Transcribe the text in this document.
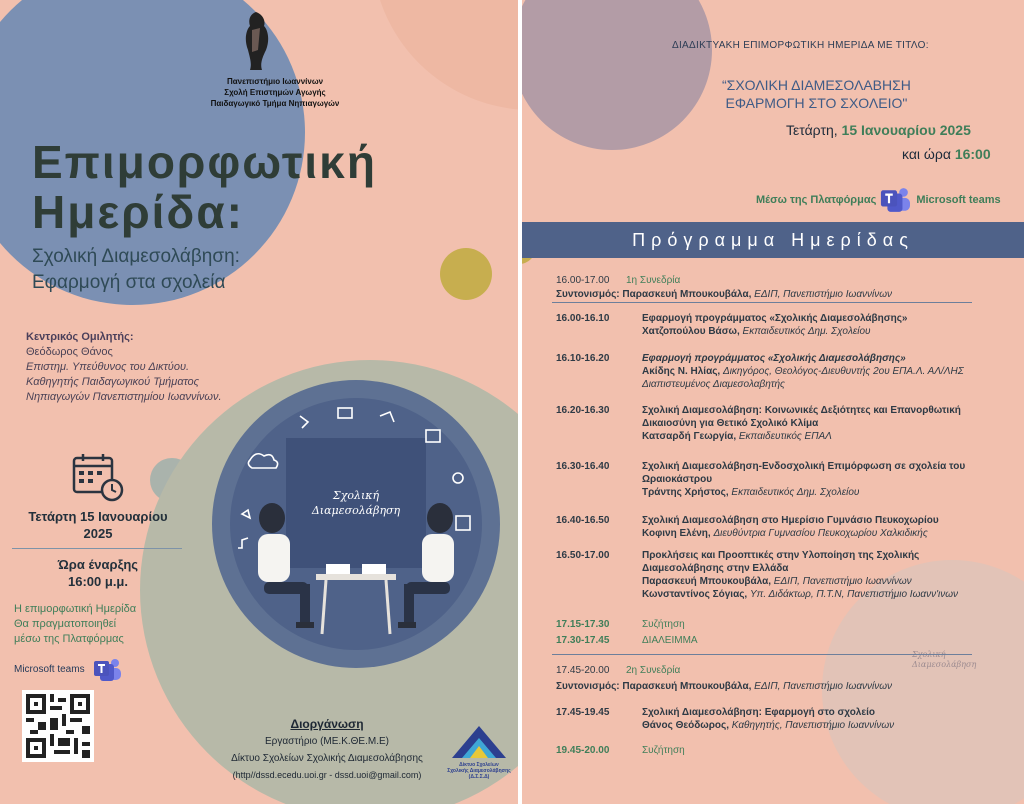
Πανεπιστήμιο Ιωαννίνων
Σχολή Επιστημών Αγωγής
Παιδαγωγικό Τμήμα Νηπιαγωγών
Επιμορφωτική
Ημερίδα:
Σχολική Διαμεσολάβηση:
Εφαρμογή στα σχολεία
Κεντρικός Ομιλητής:
Θεόδωρος Θάνος
Επιστημ. Υπεύθυνος του Δικτύου.
Καθηγητής Παιδαγωγικού Τμήματος
Νηπιαγωγών Πανεπιστημίου Ιωαννίνων.
Τετάρτη 15 Ιανουαρίου
2025
Ώρα έναρξης
16:00 μ.μ.
Η επιμορφωτική Ημερίδα
Θα πραγματοποιηθεί
μέσω της Πλατφόρμας
Microsoft teams
Σχολική
Διαμεσολάβηση
Διοργάνωση
Εργαστήριο (ΜΕ.Κ.ΘΕ.Μ.Ε)
Δίκτυο Σχολείων Σχολικής Διαμεσολάβησης
(http//dssd.ecedu.uoi.gr - dssd.uoi@gmail.com)
Δίκτυο Σχολείων
Σχολικής Διαμεσολάβησης
(Δ.Σ.Σ.Δ)
Διαμεσολάβηση
ΔΙΑΔΙΚΤΥΑΚΗ ΕΠΙΜΟΡΦΩΤΙΚΗ ΗΜΕΡΙΔΑ ΜΕ ΤΙΤΛΟ:
“ΣΧΟΛΙΚΗ ΔΙΑΜΕΣΟΛΑΒΗΣΗ
ΕΦΑΡΜΟΓΗ ΣΤΟ ΣΧΟΛΕΙΟ"
Τετάρτη, 15 Ιανουαρίου 2025
και ώρα 16:00
Μέσω της Πλατφόρμας	Microsoft teams
Πρόγραμμα Ημερίδας
16.00-17.00	1η Συνεδρία
Συντονισμός: Παρασκευή Μπουκουβάλα, ΕΔΙΠ, Πανεπιστήμιο Ιωαννίνων
16.00-16.10	Εφαρμογή προγράμματος «Σχολικής Διαμεσολάβησης»
Χατζοπούλου Βάσω, Εκπαιδευτικός Δημ. Σχολείου
16.10-16.20	Εφαρμογή προγράμματος «Σχολικής Διαμεσολάβησης»
Ακίδης Ν. Ηλίας, Δικηγόρος, Θεολόγος-Διευθυντής 2ου ΕΠΑ.Λ. ΑΛ/ΛΗΣ
Διαπιστευμένος Διαμεσολαβητής
16.20-16.30	Σχολική Διαμεσολάβηση: Κοινωνικές Δεξιότητες και Επανορθωτική
Δικαιοσύνη για Θετικό Σχολικό Κλίμα
Κατσαρδή Γεωργία, Εκπαιδευτικός ΕΠΑΛ
16.30-16.40	Σχολική Διαμεσολάβηση-Ενδοσχολική Επιμόρφωση σε σχολεία του
Ωραιοκάστρου
Τράντης Χρήστος, Εκπαιδευτικός Δημ. Σχολείου
16.40-16.50	Σχολική Διαμεσολάβηση στο Ημερίσιο Γυμνάσιο Πευκοχωρίου
Κοφινη Ελένη, Διευθύντρια Γυμνασίου Πευκοχωρίου Χαλκιδικής
16.50-17.00	Προκλήσεις και Προοπτικές στην Υλοποίηση της Σχολικής
Διαμεσολάβησης στην Ελλάδα
Παρασκευή Μπουκουβάλα, ΕΔΙΠ, Πανεπιστήμιο Ιωαννίνων
Κωνσταντίνος Σόγιας, Υπ. Διδάκτωρ, Π.Τ.Ν, Πανεπιστήμιο Ιωανν'ινων
17.15-17.30	Συζήτηση
17.30-17.45	ΔΙΑΛΕΙΜΜΑ
17.45-20.00	2η Συνεδρία
Συντονισμός: Παρασκευή Μπουκουβάλα, ΕΔΙΠ, Πανεπιστήμιο Ιωαννίνων
17.45-19.45	Σχολική Διαμεσολάβηση: Εφαρμογή στο σχολείο
Θάνος Θεόδωρος, Καθηγητής, Πανεπιστήμιο Ιωαννίνων
19.45-20.00	Συζήτηση
